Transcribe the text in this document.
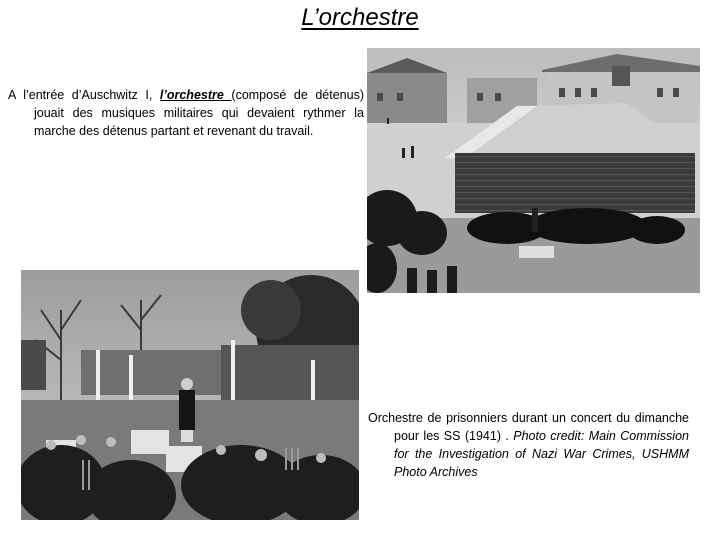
L’orchestre

A l’entrée d’Auschwitz I, l’orchestre (composé de détenus) jouait des musiques militaires qui devaient rythmer la marche des détenus partant et revenant du travail.

Orchestre de prisonniers durant un concert du dimanche pour les SS (1941) . Photo credit: Main Commission for the Investigation of Nazi War Crimes, USHMM Photo Archives
